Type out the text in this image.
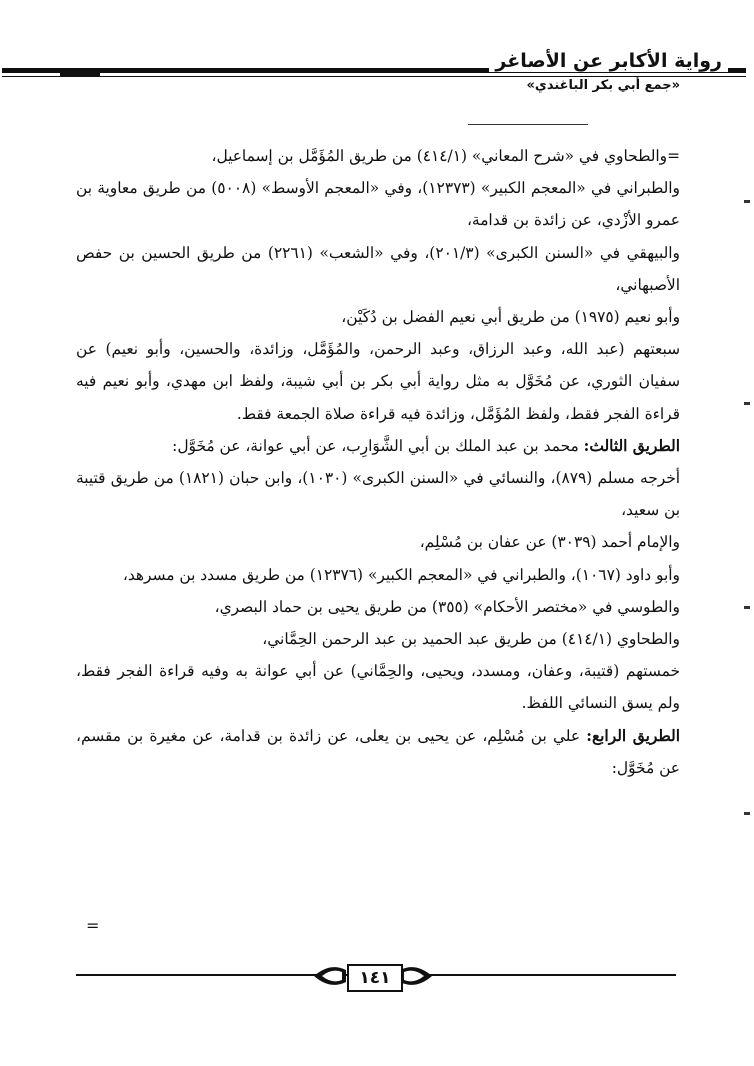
رواية الأكابر عن الأصاغر
«جمع أبي بكر الباغندي»

=والطحاوي في «شرح المعاني» (٤١٤/١) من طريق المُؤَمَّل بن إسماعيل،

والطبراني في «المعجم الكبير» (١٢٣٧٣)، وفي «المعجم الأوسط» (٥٠٠٨) من طريق معاوية بن عمرو الأزْدي، عن زائدة بن قدامة،

والبيهقي في «السنن الكبرى» (٢٠١/٣)، وفي «الشعب» (٢٢٦١) من طريق الحسين بن حفص الأصبهاني،

وأبو نعيم (١٩٧٥) من طريق أبي نعيم الفضل بن دُكَيْن،

سبعتهم (عبد الله، وعبد الرزاق، وعبد الرحمن، والمُؤَمَّل، وزائدة، والحسين، وأبو نعيم) عن سفيان الثوري، عن مُخَوَّل به مثل رواية أبي بكر بن أبي شيبة، ولفظ ابن مهدي، وأبو نعيم فيه قراءة الفجر فقط، ولفظ المُؤَمَّل، وزائدة فيه قراءة صلاة الجمعة فقط.

الطريق الثالث: محمد بن عبد الملك بن أبي الشَّوَارِب، عن أبي عوانة، عن مُخَوَّل:

أخرجه مسلم (٨٧٩)، والنسائي في «السنن الكبرى» (١٠٣٠)، وابن حبان (١٨٢١) من طريق قتيبة بن سعيد،

والإمام أحمد (٣٠٣٩) عن عفان بن مُسْلِم،

وأبو داود (١٠٦٧)، والطبراني في «المعجم الكبير» (١٢٣٧٦) من طريق مسدد بن مسرهد،

والطوسي في «مختصر الأحكام» (٣٥٥) من طريق يحيى بن حماد البصري،

والطحاوي (٤١٤/١) من طريق عبد الحميد بن عبد الرحمن الحِمَّاني،

خمستهم (قتيبة، وعفان، ومسدد، ويحيى، والحِمَّاني) عن أبي عوانة به وفيه قراءة الفجر فقط، ولم يسق النسائي اللفظ.

الطريق الرابع: علي بن مُسْلِم، عن يحيى بن يعلى، عن زائدة بن قدامة، عن مغيرة بن مقسم، عن مُخَوَّل:

=
١٤١
